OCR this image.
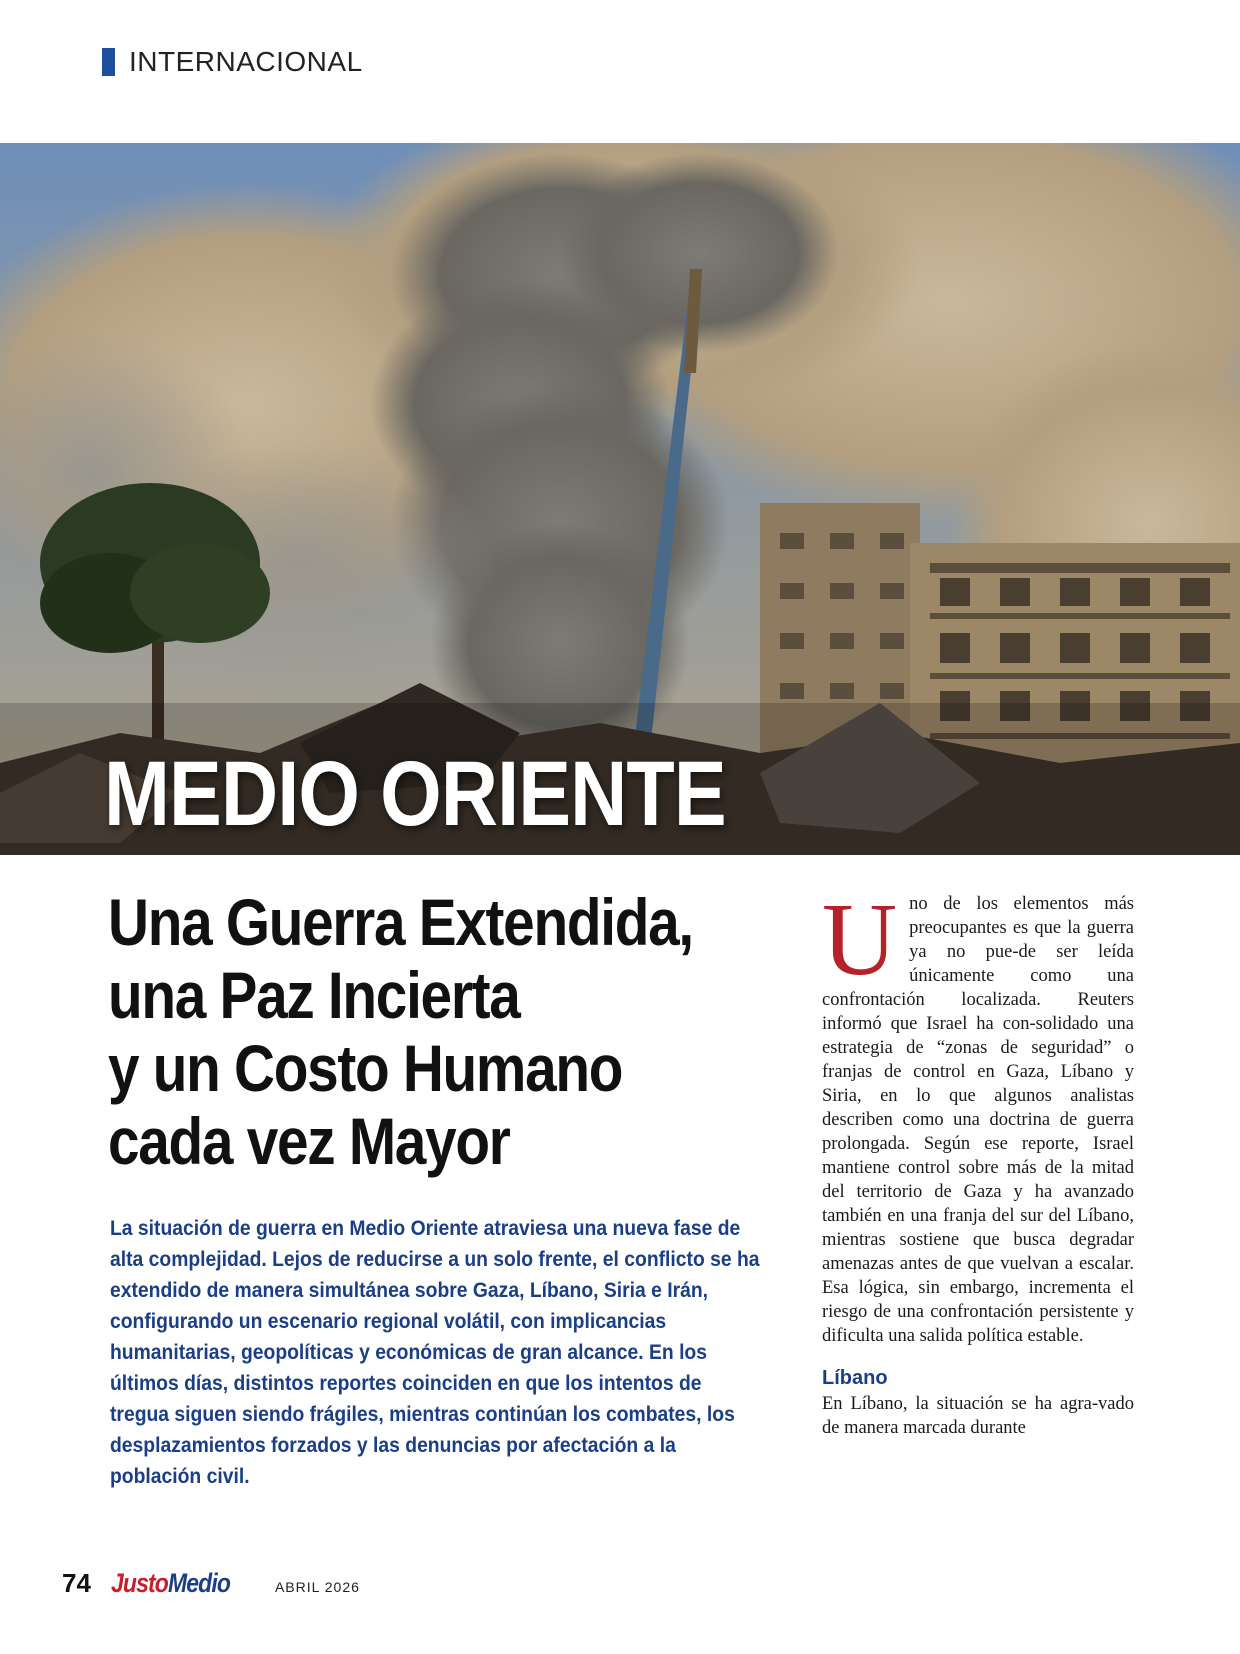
INTERNACIONAL
MEDIO ORIENTE
Una Guerra Extendida,
una Paz Incierta
y un Costo Humano
cada vez Mayor

La situación de guerra en Medio Oriente atraviesa una nueva fase de alta complejidad. Lejos de reducirse a un solo frente, el conflicto se ha extendido de manera simultánea sobre Gaza, Líbano, Siria e Irán, configurando un escenario regional volátil, con implicancias humanitarias, geopolíticas y económicas de gran alcance. En los últimos días, distintos reportes coinciden en que los intentos de tregua siguen siendo frágiles, mientras continúan los combates, los desplazamientos forzados y las denuncias por afectación a la población civil.

Uno de los elementos más preocupantes es que la guerra ya no pue-de ser leída únicamente como una confrontación localizada. Reuters informó que Israel ha con-solidado una estrategia de “zonas de seguridad” o franjas de control en Gaza, Líbano y Siria, en lo que algunos analistas describen como una doctrina de guerra prolongada. Según ese reporte, Israel mantiene control sobre más de la mitad del territorio de Gaza y ha avanzado también en una franja del sur del Líbano, mientras sostiene que busca degradar amenazas antes de que vuelvan a escalar. Esa lógica, sin embargo, incrementa el riesgo de una confrontación persistente y dificulta una salida política estable.

Líbano

En Líbano, la situación se ha agra-vado de manera marcada durante

74 JustoMedio	ABRIL 2026
